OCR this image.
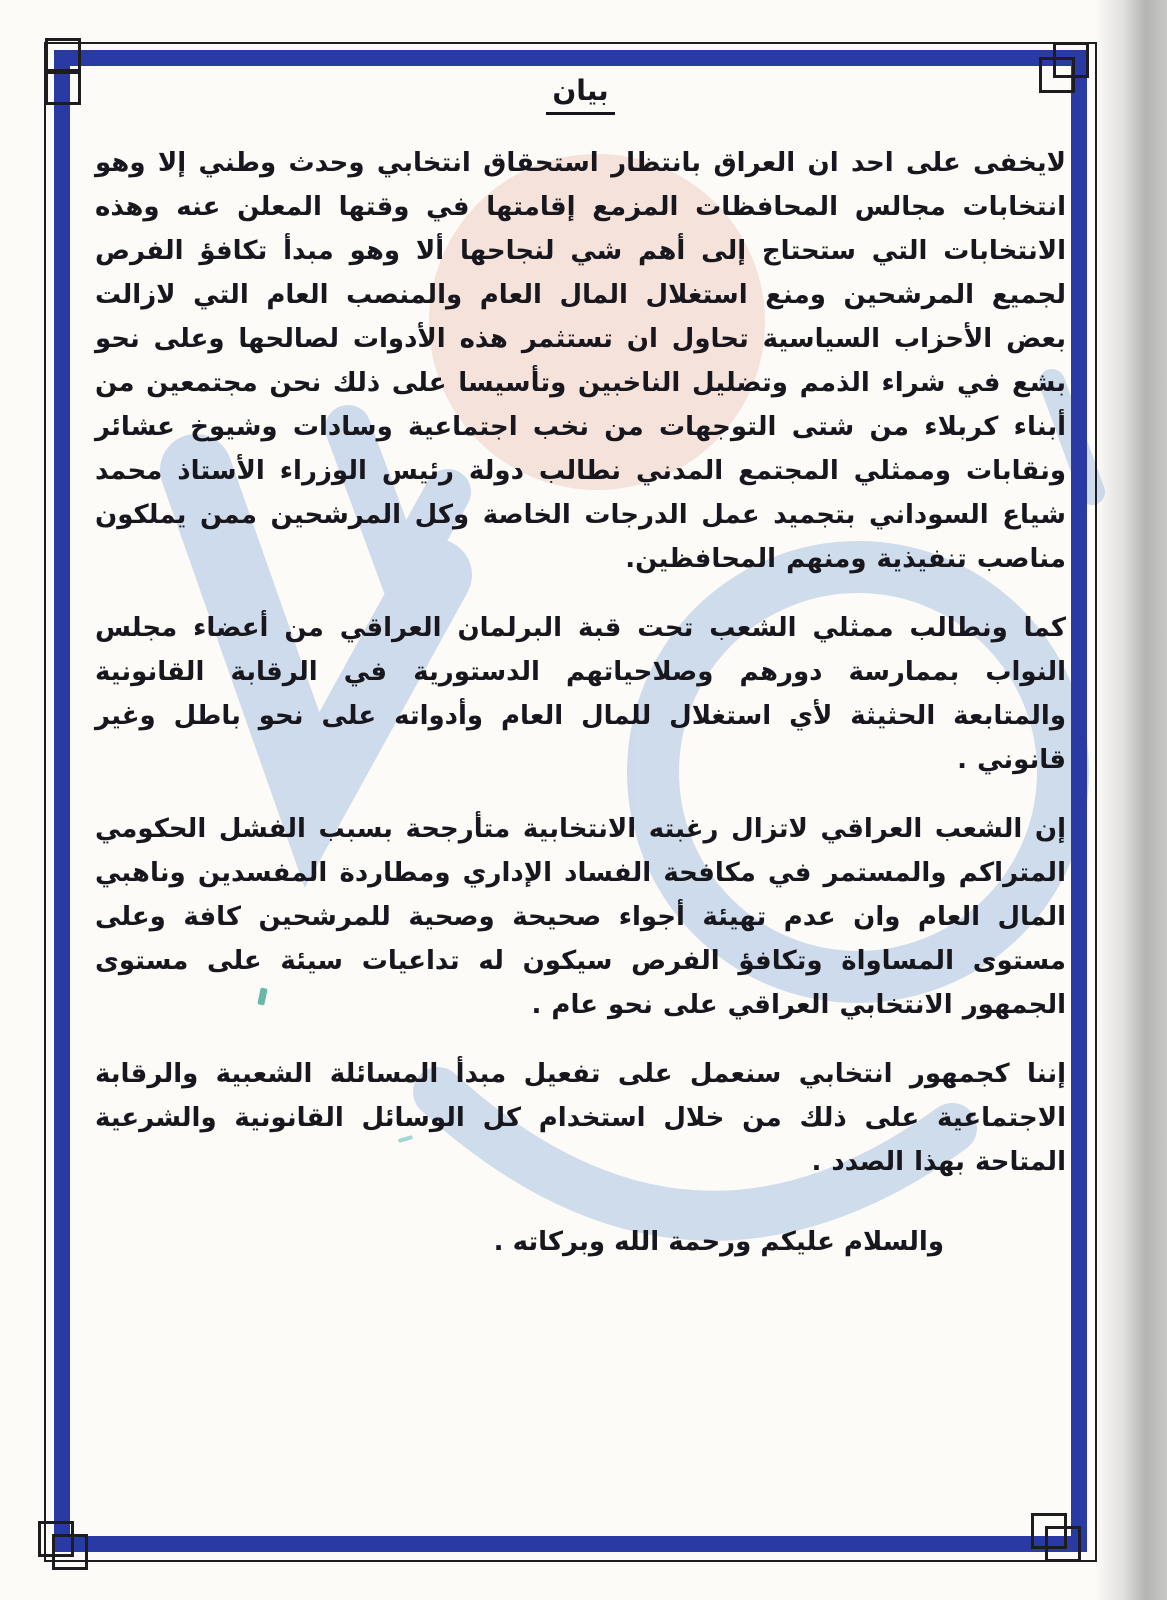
بيان

لايخفى على احد ان العراق بانتظار استحقاق انتخابي وحدث وطني إلا وهو انتخابات مجالس المحافظات المزمع إقامتها في وقتها المعلن عنه وهذه الانتخابات التي ستحتاج إلى أهم شي لنجاحها ألا وهو مبدأ تكافؤ الفرص لجميع المرشحين ومنع استغلال المال العام والمنصب العام التي لازالت بعض الأحزاب السياسية تحاول ان تستثمر هذه الأدوات لصالحها وعلى نحو بشع في شراء الذمم وتضليل الناخبين وتأسيسا على ذلك نحن مجتمعين من أبناء كربلاء من شتى التوجهات من نخب اجتماعية وسادات وشيوخ عشائر ونقابات وممثلي المجتمع المدني نطالب دولة رئيس الوزراء الأستاذ محمد شياع السوداني بتجميد عمل الدرجات الخاصة وكل المرشحين ممن يملكون مناصب تنفيذية ومنهم المحافظين.

كما ونطالب ممثلي الشعب تحت قبة البرلمان العراقي من أعضاء مجلس النواب بممارسة دورهم وصلاحياتهم الدستورية في الرقابة القانونية والمتابعة الحثيثة لأي استغلال للمال العام وأدواته على نحو باطل وغير قانوني .

إن الشعب العراقي لاتزال رغبته الانتخابية متأرجحة بسبب الفشل الحكومي المتراكم والمستمر في مكافحة الفساد الإداري ومطاردة المفسدين وناهبي المال العام وان عدم تهيئة أجواء صحيحة وصحية للمرشحين كافة وعلى مستوى المساواة وتكافؤ الفرص سيكون له تداعيات سيئة على مستوى الجمهور الانتخابي العراقي على نحو عام .

إننا كجمهور انتخابي سنعمل على تفعيل مبدأ المسائلة الشعبية والرقابة الاجتماعية على ذلك من خلال استخدام كل الوسائل القانونية والشرعية المتاحة بهذا الصدد .

والسلام عليكم ورحمة الله وبركاته .
